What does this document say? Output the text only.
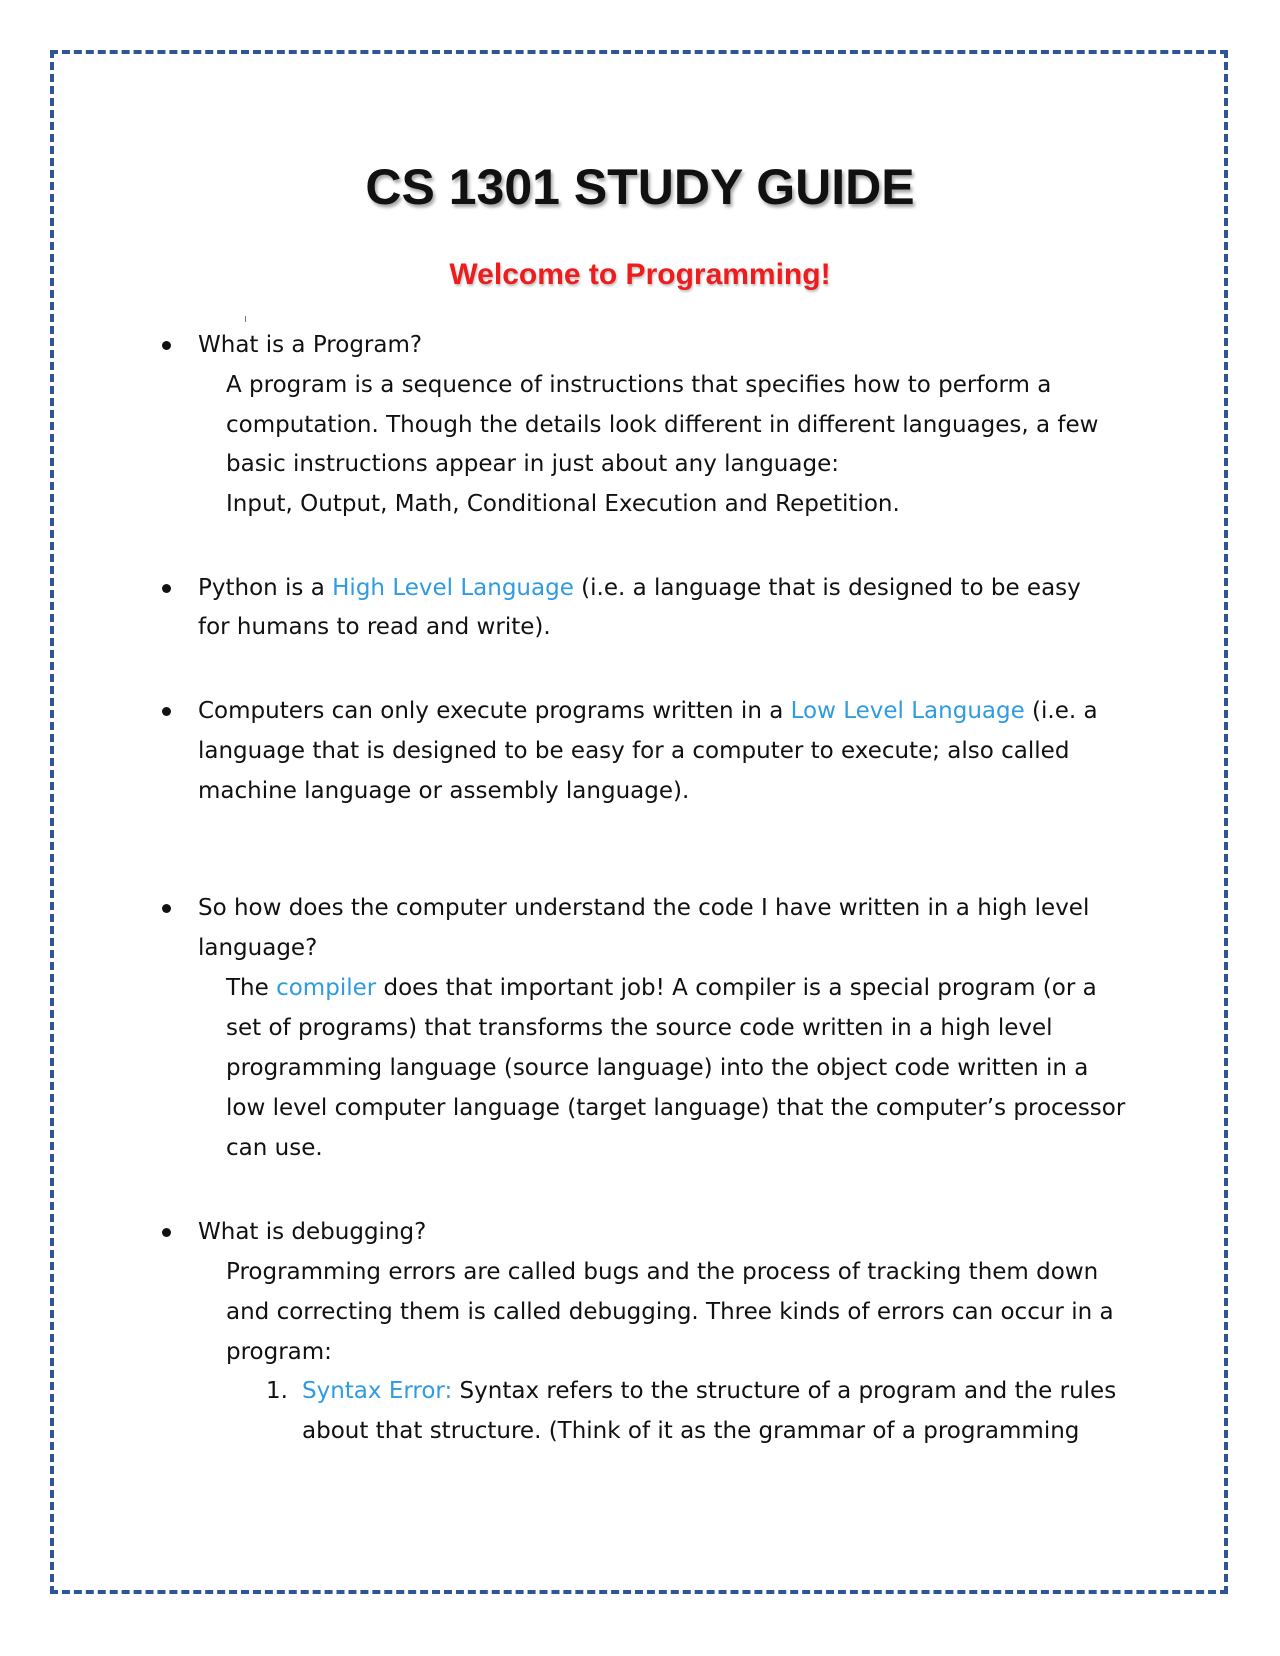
CS 1301 STUDY GUIDE
Welcome to Programming!
What is a Program?
A program is a sequence of instructions that specifies how to perform a
computation. Though the details look different in different languages, a few
basic instructions appear in just about any language:
Input, Output, Math, Conditional Execution and Repetition.
Python is a High Level Language (i.e. a language that is designed to be easy
for humans to read and write).
Computers can only execute programs written in a Low Level Language (i.e. a
language that is designed to be easy for a computer to execute; also called
machine language or assembly language).
So how does the computer understand the code I have written in a high level
language?
The compiler does that important job! A compiler is a special program (or a
set of programs) that transforms the source code written in a high level
programming language (source language) into the object code written in a
low level computer language (target language) that the computer’s processor
can use.
What is debugging?
Programming errors are called bugs and the process of tracking them down
and correcting them is called debugging. Three kinds of errors can occur in a
program:
1. Syntax Error: Syntax refers to the structure of a program and the rules
about that structure. (Think of it as the grammar of a programming
